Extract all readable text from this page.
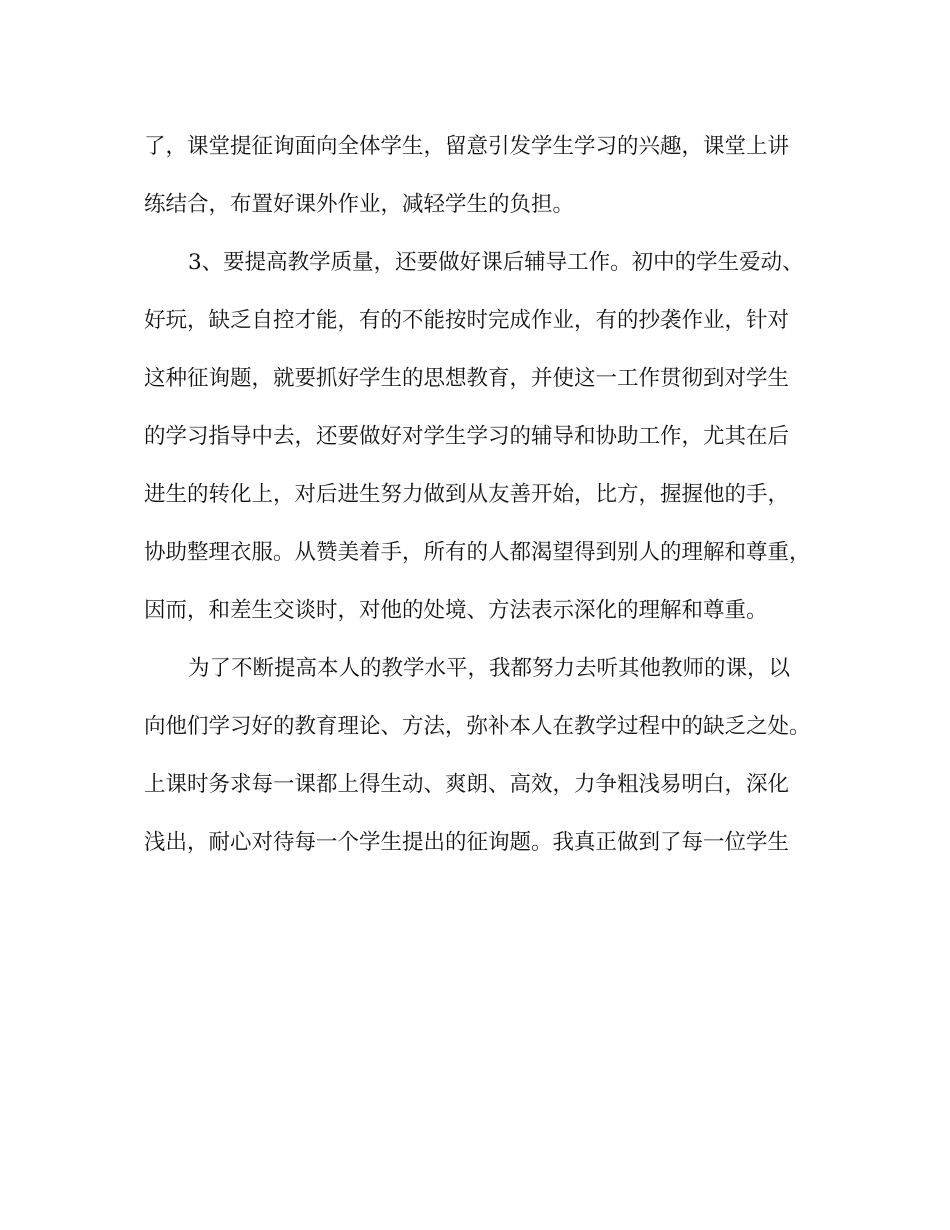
了，课堂提征询面向全体学生，留意引发学生学习的兴趣，课堂上讲
练结合，布置好课外作业，减轻学生的负担。
3、要提高教学质量，还要做好课后辅导工作。初中的学生爱动、
好玩，缺乏自控才能，有的不能按时完成作业，有的抄袭作业，针对
这种征询题，就要抓好学生的思想教育，并使这一工作贯彻到对学生
的学习指导中去，还要做好对学生学习的辅导和协助工作，尤其在后
进生的转化上，对后进生努力做到从友善开始，比方，握握他的手，
协助整理衣服。从赞美着手，所有的人都渴望得到别人的理解和尊重，
因而，和差生交谈时，对他的处境、方法表示深化的理解和尊重。
为了不断提高本人的教学水平，我都努力去听其他教师的课，以
向他们学习好的教育理论、方法，弥补本人在教学过程中的缺乏之处。
上课时务求每一课都上得生动、爽朗、高效，力争粗浅易明白，深化
浅出，耐心对待每一个学生提出的征询题。我真正做到了每一位学生
